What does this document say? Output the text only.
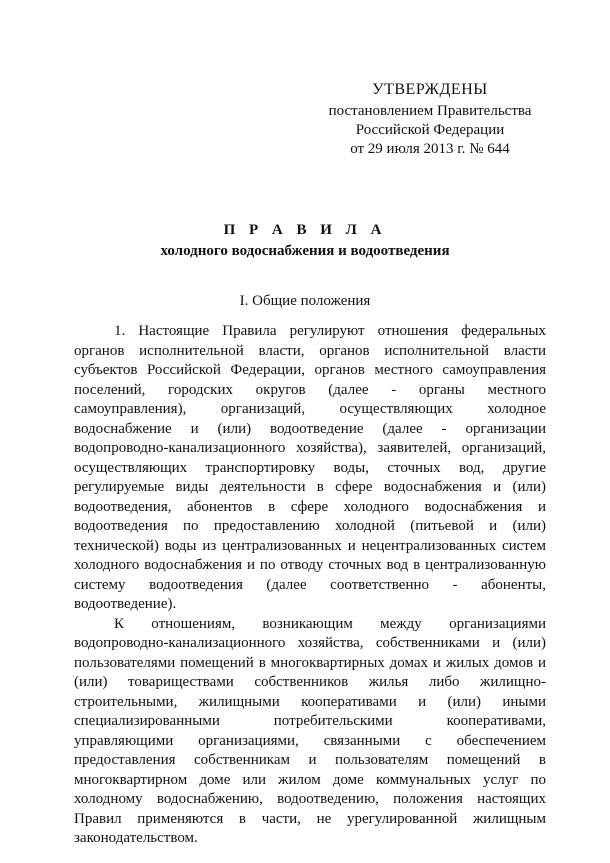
УТВЕРЖДЕНЫ
постановлением Правительства
Российской Федерации
от 29 июля 2013 г. № 644
П Р А В И Л А
холодного водоснабжения и водоотведения
I. Общие положения

1. Настоящие Правила регулируют отношения федеральных органов исполнительной власти, органов исполнительной власти субъектов Российской Федерации, органов местного самоуправления поселений, городских округов (далее - органы местного самоуправления), организаций, осуществляющих холодное водоснабжение и (или) водоотведение (далее - организации водопроводно-канализационного хозяйства), заявителей, организаций, осуществляющих транспортировку воды, сточных вод, другие регулируемые виды деятельности в сфере водоснабжения и (или) водоотведения, абонентов в сфере холодного водоснабжения и водоотведения по предоставлению холодной (питьевой и (или) технической) воды из централизованных и нецентрализованных систем холодного водоснабжения и по отводу сточных вод в централизованную систему водоотведения (далее соответственно - абоненты, водоотведение).

К отношениям, возникающим между организациями водопроводно-канализационного хозяйства, собственниками и (или) пользователями помещений в многоквартирных домах и жилых домов и (или) товариществами собственников жилья либо жилищно-строительными, жилищными кооперативами и (или) иными специализированными потребительскими кооперативами, управляющими организациями, связанными с обеспечением предоставления собственникам и пользователям помещений в многоквартирном доме или жилом доме коммунальных услуг по холодному водоснабжению, водоотведению, положения настоящих Правил применяются в части, не урегулированной жилищным законодательством.
